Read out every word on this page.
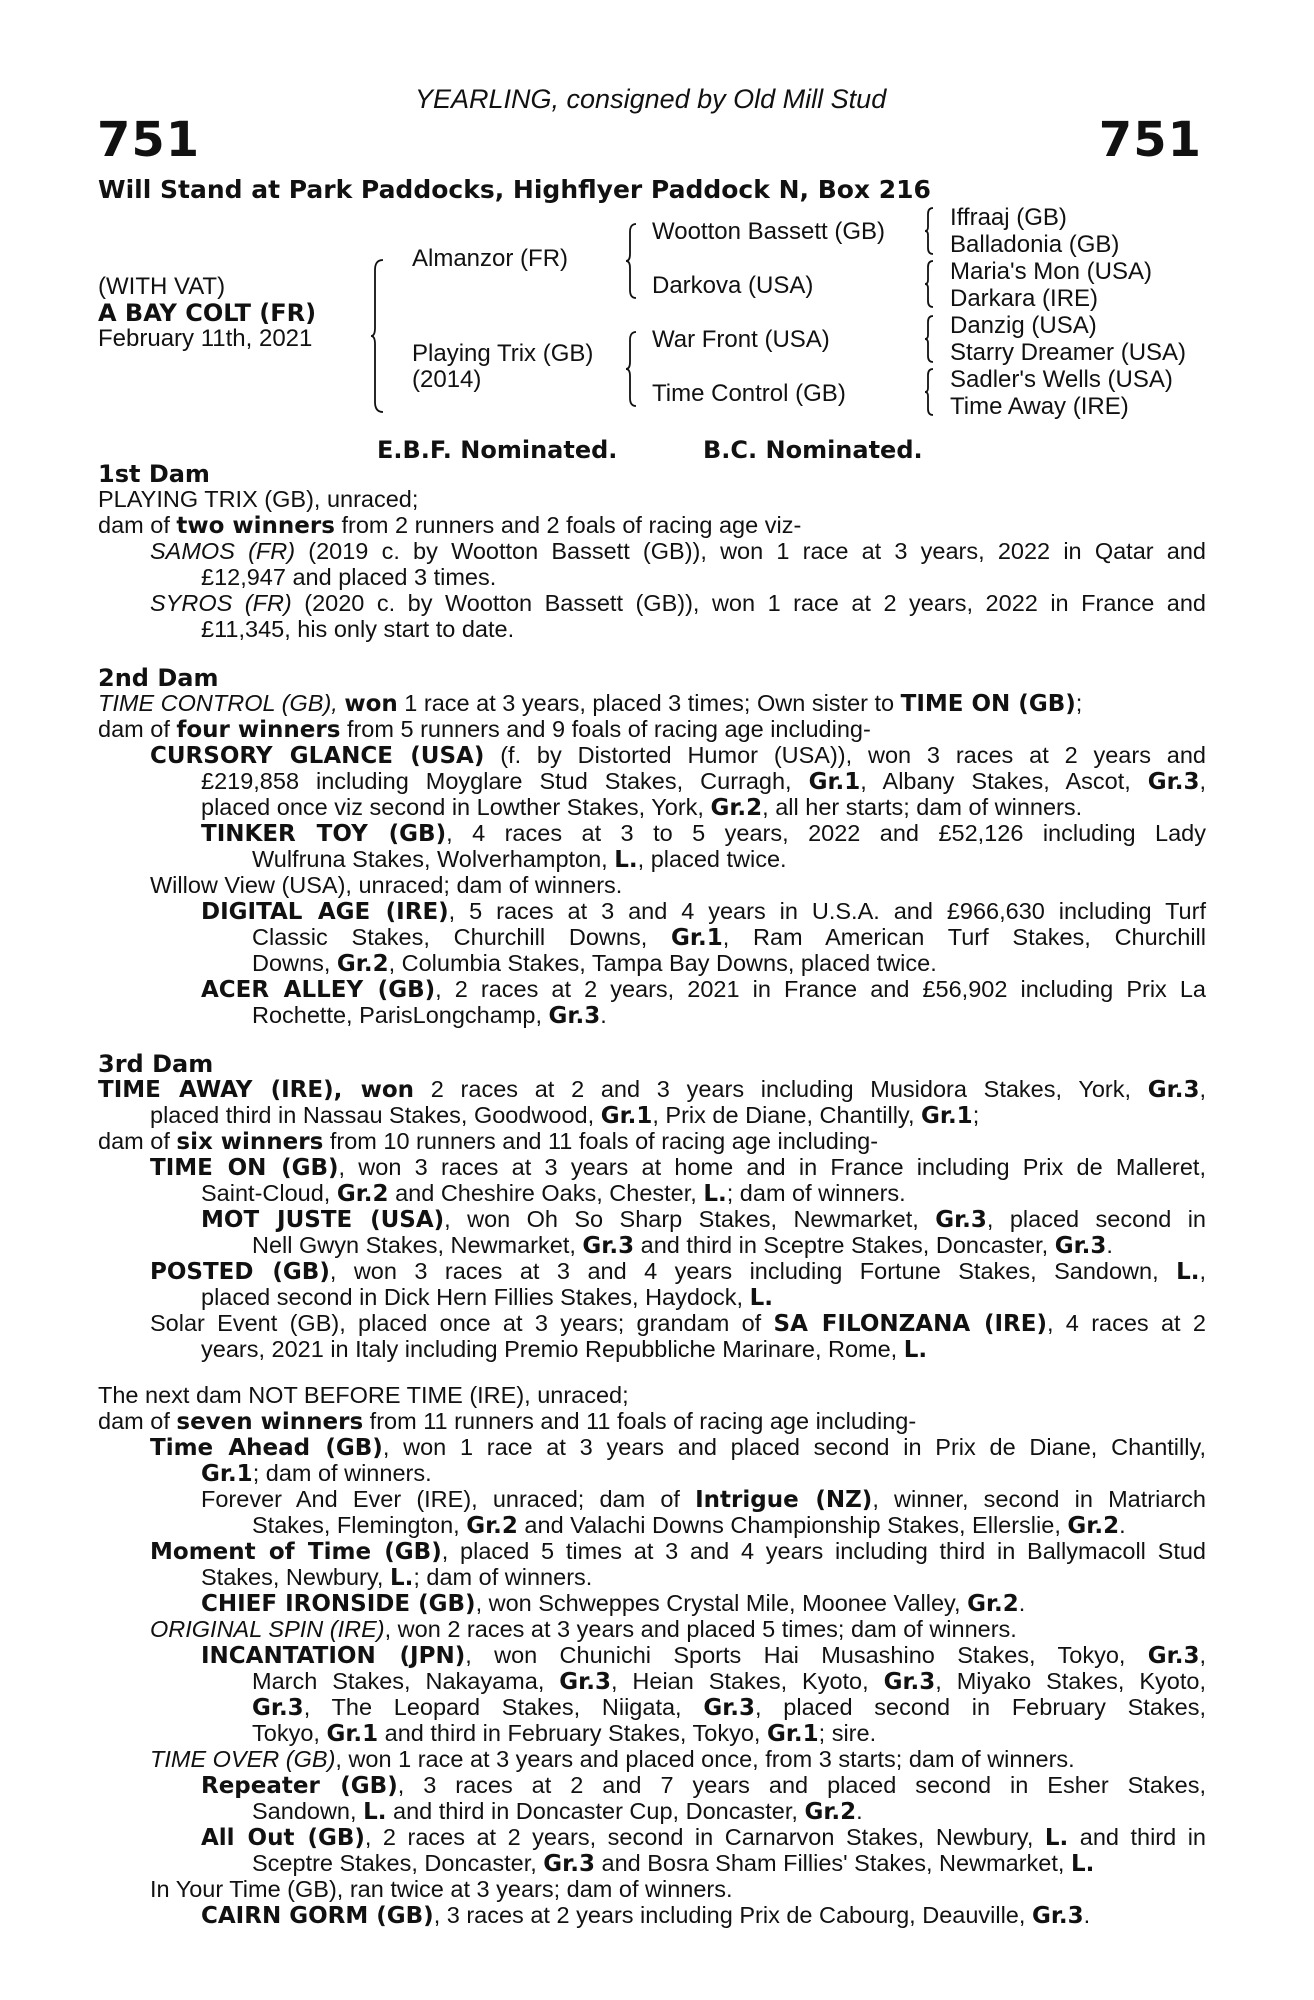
YEARLING, consigned by Old Mill Stud
751	751
Will Stand at Park Paddocks, Highflyer Paddock N, Box 216
(WITH VAT)
A BAY COLT (FR)
February 11th, 2021
Almanzor (FR)
Playing Trix (GB)
(2014)
Wootton Bassett (GB)
Darkova (USA)
War Front (USA)
Time Control (GB)
Iffraaj (GB)
Balladonia (GB)
Maria's Mon (USA)
Darkara (IRE)
Danzig (USA)
Starry Dreamer (USA)
Sadler's Wells (USA)
Time Away (IRE)
E.B.F. Nominated.	B.C. Nominated.
1st Dam
PLAYING TRIX (GB), unraced;
dam of two winners from 2 runners and 2 foals of racing age viz-
SAMOS (FR) (2019 c. by Wootton Bassett (GB)), won 1 race at 3 years, 2022 in Qatar and
£12,947 and placed 3 times.
SYROS (FR) (2020 c. by Wootton Bassett (GB)), won 1 race at 2 years, 2022 in France and
£11,345, his only start to date.
2nd Dam
TIME CONTROL (GB), won 1 race at 3 years, placed 3 times; Own sister to TIME ON (GB);
dam of four winners from 5 runners and 9 foals of racing age including-
CURSORY GLANCE (USA) (f. by Distorted Humor (USA)), won 3 races at 2 years and
£219,858 including Moyglare Stud Stakes, Curragh, Gr.1, Albany Stakes, Ascot, Gr.3,
placed once viz second in Lowther Stakes, York, Gr.2, all her starts; dam of winners.
TINKER TOY (GB), 4 races at 3 to 5 years, 2022 and £52,126 including Lady
Wulfruna Stakes, Wolverhampton, L., placed twice.
Willow View (USA), unraced; dam of winners.
DIGITAL AGE (IRE), 5 races at 3 and 4 years in U.S.A. and £966,630 including Turf
Classic Stakes, Churchill Downs, Gr.1, Ram American Turf Stakes, Churchill
Downs, Gr.2, Columbia Stakes, Tampa Bay Downs, placed twice.
ACER ALLEY (GB), 2 races at 2 years, 2021 in France and £56,902 including Prix La
Rochette, ParisLongchamp, Gr.3.
3rd Dam
TIME AWAY (IRE), won 2 races at 2 and 3 years including Musidora Stakes, York, Gr.3,
placed third in Nassau Stakes, Goodwood, Gr.1, Prix de Diane, Chantilly, Gr.1;
dam of six winners from 10 runners and 11 foals of racing age including-
TIME ON (GB), won 3 races at 3 years at home and in France including Prix de Malleret,
Saint-Cloud, Gr.2 and Cheshire Oaks, Chester, L.; dam of winners.
MOT JUSTE (USA), won Oh So Sharp Stakes, Newmarket, Gr.3, placed second in
Nell Gwyn Stakes, Newmarket, Gr.3 and third in Sceptre Stakes, Doncaster, Gr.3.
POSTED (GB), won 3 races at 3 and 4 years including Fortune Stakes, Sandown, L.,
placed second in Dick Hern Fillies Stakes, Haydock, L.
Solar Event (GB), placed once at 3 years; grandam of SA FILONZANA (IRE), 4 races at 2
years, 2021 in Italy including Premio Repubbliche Marinare, Rome, L.
The next dam NOT BEFORE TIME (IRE), unraced;
dam of seven winners from 11 runners and 11 foals of racing age including-
Time Ahead (GB), won 1 race at 3 years and placed second in Prix de Diane, Chantilly,
Gr.1; dam of winners.
Forever And Ever (IRE), unraced; dam of Intrigue (NZ), winner, second in Matriarch
Stakes, Flemington, Gr.2 and Valachi Downs Championship Stakes, Ellerslie, Gr.2.
Moment of Time (GB), placed 5 times at 3 and 4 years including third in Ballymacoll Stud
Stakes, Newbury, L.; dam of winners.
CHIEF IRONSIDE (GB), won Schweppes Crystal Mile, Moonee Valley, Gr.2.
ORIGINAL SPIN (IRE), won 2 races at 3 years and placed 5 times; dam of winners.
INCANTATION (JPN), won Chunichi Sports Hai Musashino Stakes, Tokyo, Gr.3,
March Stakes, Nakayama, Gr.3, Heian Stakes, Kyoto, Gr.3, Miyako Stakes, Kyoto,
Gr.3, The Leopard Stakes, Niigata, Gr.3, placed second in February Stakes,
Tokyo, Gr.1 and third in February Stakes, Tokyo, Gr.1; sire.
TIME OVER (GB), won 1 race at 3 years and placed once, from 3 starts; dam of winners.
Repeater (GB), 3 races at 2 and 7 years and placed second in Esher Stakes,
Sandown, L. and third in Doncaster Cup, Doncaster, Gr.2.
All Out (GB), 2 races at 2 years, second in Carnarvon Stakes, Newbury, L. and third in
Sceptre Stakes, Doncaster, Gr.3 and Bosra Sham Fillies' Stakes, Newmarket, L.
In Your Time (GB), ran twice at 3 years; dam of winners.
CAIRN GORM (GB), 3 races at 2 years including Prix de Cabourg, Deauville, Gr.3.
